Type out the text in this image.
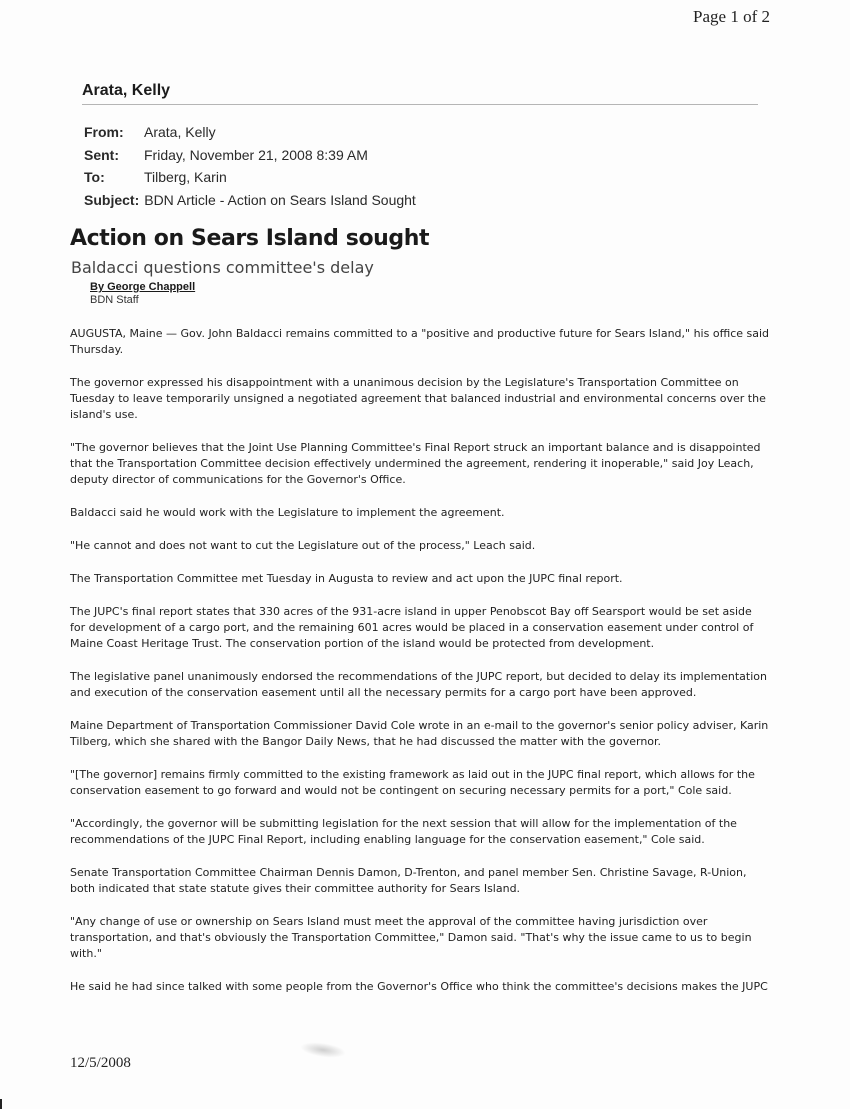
Page 1 of 2
Arata, Kelly
From:	Arata, Kelly
Sent:	Friday, November 21, 2008 8:39 AM
To:	Tilberg, Karin
Subject: BDN Article - Action on Sears Island Sought
Action on Sears Island sought
Baldacci questions committee's delay
By George Chappell
BDN Staff

AUGUSTA, Maine — Gov. John Baldacci remains committed to a "positive and productive future for Sears Island," his office said Thursday.

The governor expressed his disappointment with a unanimous decision by the Legislature's Transportation Committee on Tuesday to leave temporarily unsigned a negotiated agreement that balanced industrial and environmental concerns over the island's use.

"The governor believes that the Joint Use Planning Committee's Final Report struck an important balance and is disappointed that the Transportation Committee decision effectively undermined the agreement, rendering it inoperable," said Joy Leach, deputy director of communications for the Governor's Office.

Baldacci said he would work with the Legislature to implement the agreement.

"He cannot and does not want to cut the Legislature out of the process," Leach said.

The Transportation Committee met Tuesday in Augusta to review and act upon the JUPC final report.

The JUPC's final report states that 330 acres of the 931-acre island in upper Penobscot Bay off Searsport would be set aside for development of a cargo port, and the remaining 601 acres would be placed in a conservation easement under control of Maine Coast Heritage Trust. The conservation portion of the island would be protected from development.

The legislative panel unanimously endorsed the recommendations of the JUPC report, but decided to delay its implementation and execution of the conservation easement until all the necessary permits for a cargo port have been approved.

Maine Department of Transportation Commissioner David Cole wrote in an e-mail to the governor's senior policy adviser, Karin Tilberg, which she shared with the Bangor Daily News, that he had discussed the matter with the governor.

"[The governor] remains firmly committed to the existing framework as laid out in the JUPC final report, which allows for the conservation easement to go forward and would not be contingent on securing necessary permits for a port," Cole said.

"Accordingly, the governor will be submitting legislation for the next session that will allow for the implementation of the recommendations of the JUPC Final Report, including enabling language for the conservation easement," Cole said.

Senate Transportation Committee Chairman Dennis Damon, D-Trenton, and panel member Sen. Christine Savage, R-Union, both indicated that state statute gives their committee authority for Sears Island.

"Any change of use or ownership on Sears Island must meet the approval of the committee having jurisdiction over transportation, and that's obviously the Transportation Committee," Damon said. "That's why the issue came to us to begin with."

He said he had since talked with some people from the Governor's Office who think the committee's decisions makes the JUPC

12/5/2008
